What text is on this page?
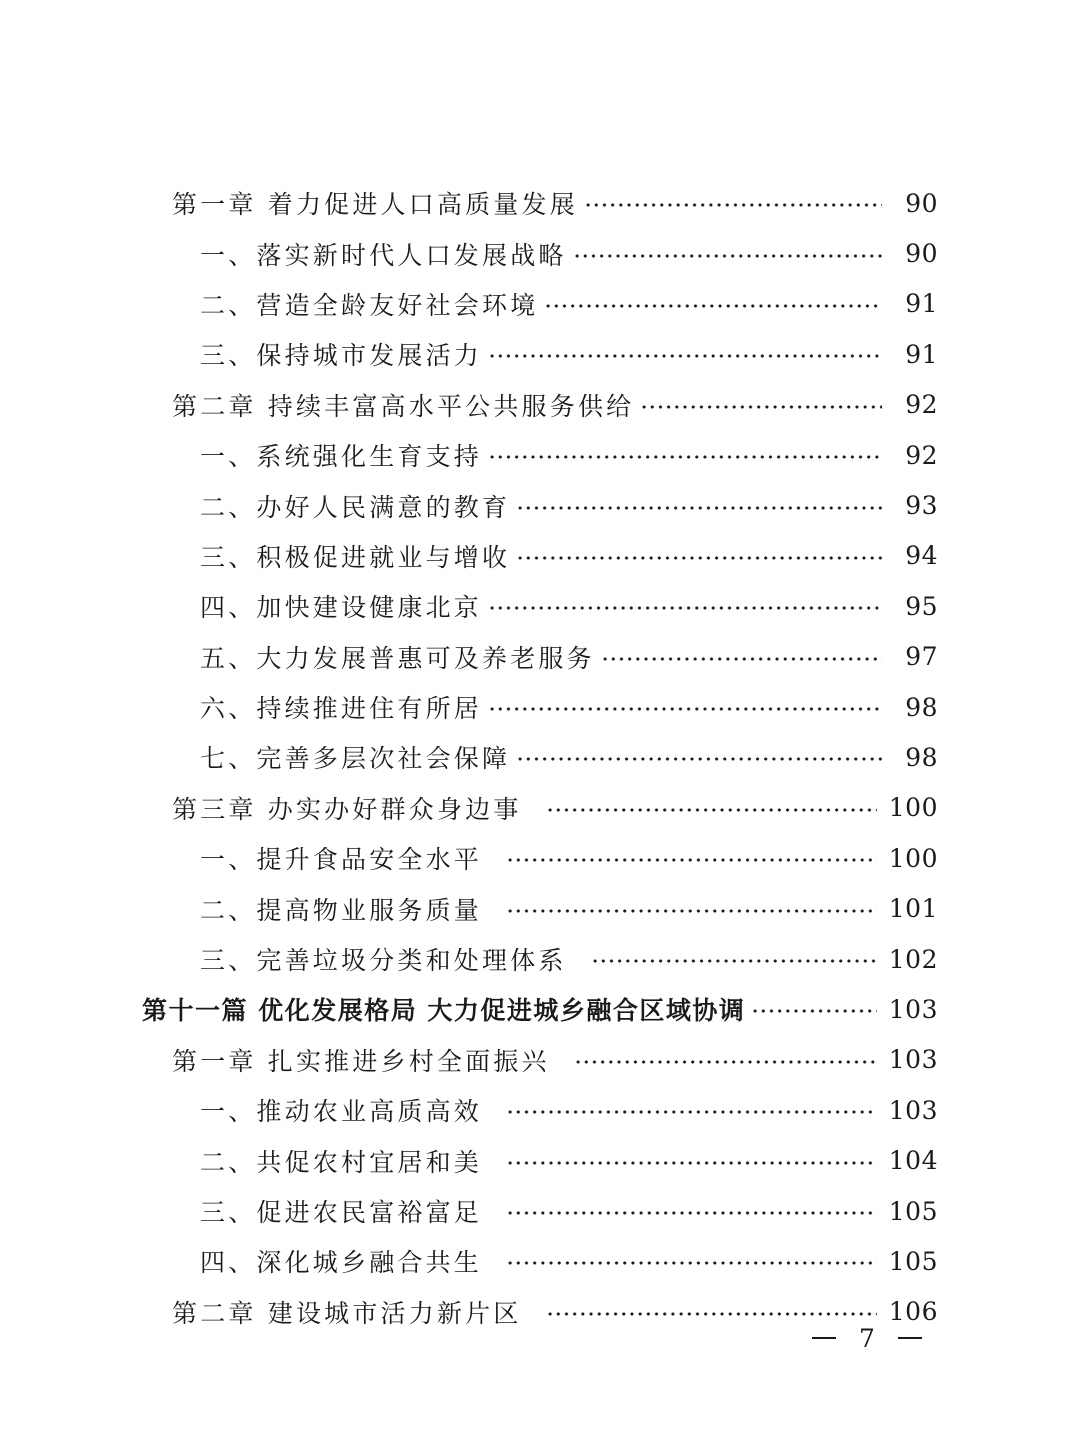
第一章 着力促进人口高质量发展	90
一、落实新时代人口发展战略	90
二、营造全龄友好社会环境	91
三、保持城市发展活力	91
第二章 持续丰富高水平公共服务供给	92
一、系统强化生育支持	92
二、办好人民满意的教育	93
三、积极促进就业与增收	94
四、加快建设健康北京	95
五、大力发展普惠可及养老服务	97
六、持续推进住有所居	98
七、完善多层次社会保障	98
第三章 办实办好群众身边事	100
一、提升食品安全水平	100
二、提高物业服务质量	101
三、完善垃圾分类和处理体系	102
第十一篇 优化发展格局 大力促进城乡融合区域协调	103
第一章 扎实推进乡村全面振兴	103
一、推动农业高质高效	103
二、共促农村宜居和美	104
三、促进农民富裕富足	105
四、深化城乡融合共生	105
第二章 建设城市活力新片区	106
7
